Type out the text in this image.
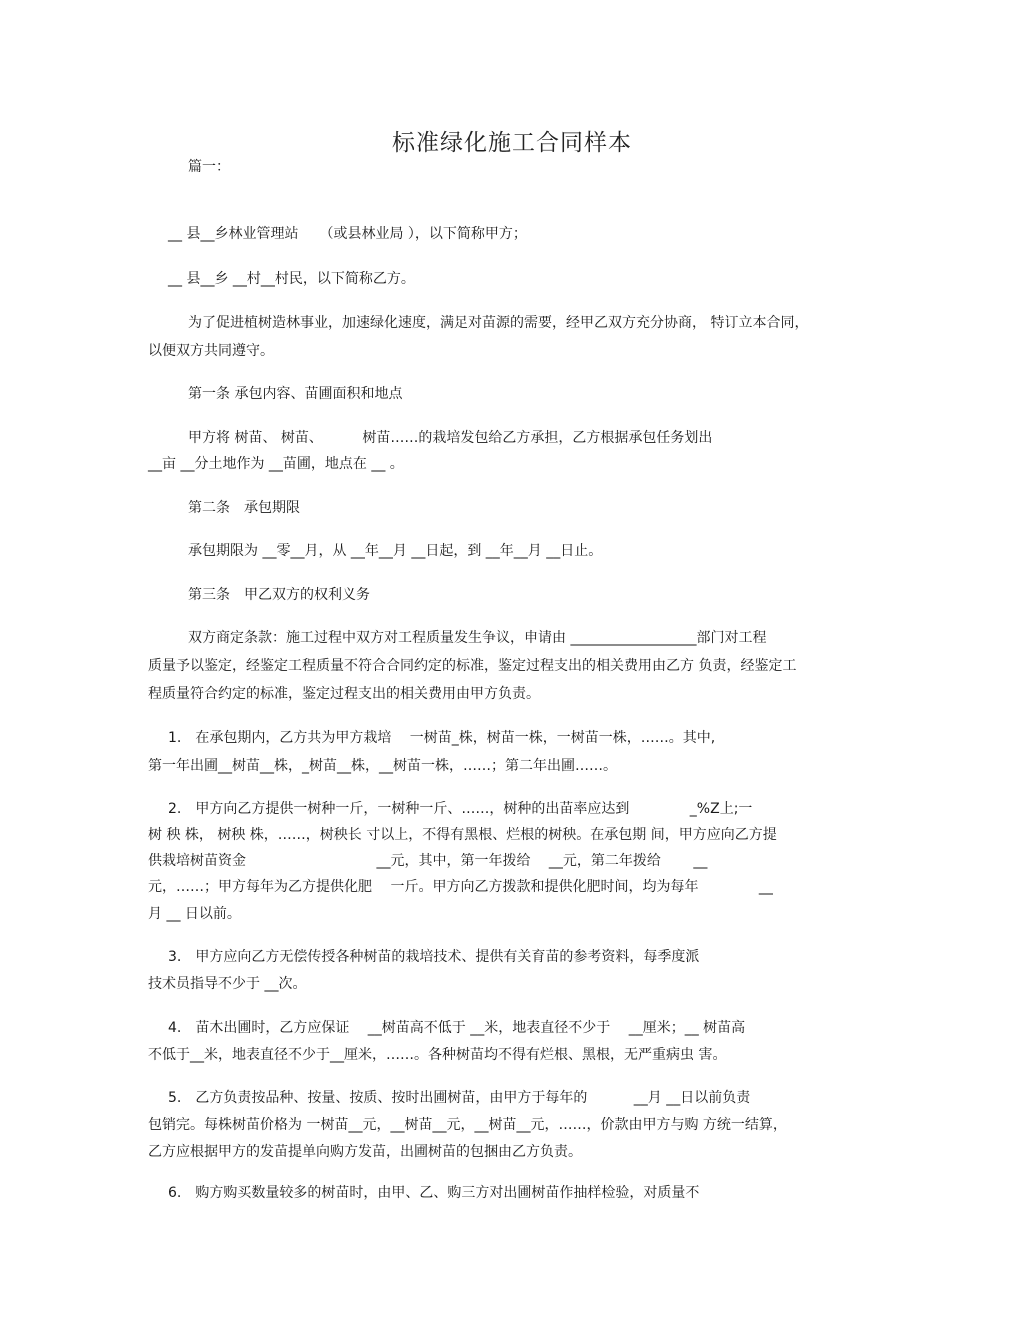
标准绿化施工合同样本
篇一：
__ 县__乡林业管理站　　（或县林业局 ），以下简称甲方；
__ 县__乡 __村__村民，以下简称乙方。
为了促进植树造林事业，加速绿化速度，满足对苗源的需要，经甲乙双方充分协商， 特订立本合同，
以便双方共同遵守。
第一条 承包内容、苗圃面积和地点
甲方将 树苗、 树苗、　　　 树苗……的栽培发包给乙方承担，乙方根据承包任务划出
__亩 __分土地作为 __苗圃，地点在 __ 。
第二条　承包期限
承包期限为 __零__月，从 __年__月 __日起，到 __年__月 __日止。
第三条　甲乙双方的权利义务
双方商定条款：施工过程中双方对工程质量发生争议，申请由 __________________部门对工程
质量予以鉴定，经鉴定工程质量不符合合同约定的标准，鉴定过程支出的相关费用由乙方 负责，经鉴定工
程质量符合约定的标准，鉴定过程支出的相关费用由甲方负责。
1.　在承包期内，乙方共为甲方栽培　 一树苗_株，树苗一株，一树苗一株，……。其中,
第一年出圃__树苗__株，_树苗__株，__树苗一株，……；第二年出圃……。
2.　甲方向乙方提供一树种一斤，一树种一斤、……，树种的出苗率应达到　　　　 _%Z上;一
树 秧 株， 树秧 株，……，树秧长 寸以上，不得有黑根、烂根的树秧。在承包期 间，甲方应向乙方提
供栽培树苗资金　　　　　　　　　 __元，其中，第一年拨给　 __元，第二年拨给　　 __
元，……；甲方每年为乙方提供化肥　 一斤。甲方向乙方拨款和提供化肥时间，均为每年　　　　 __
月 __ 日以前。
3.　甲方应向乙方无偿传授各种树苗的栽培技术、提供有关育苗的参考资料，每季度派
技术员指导不少于 __次。
4.　苗木出圃时，乙方应保证　 __树苗高不低于 __米，地表直径不少于　 __厘米；__ 树苗高
不低于__米，地表直径不少于__厘米，……。各种树苗均不得有烂根、黑根，无严重病虫 害。
5.　乙方负责按品种、按量、按质、按时出圃树苗，由甲方于每年的　　　 __月 __日以前负责
包销完。每株树苗价格为 一树苗__元，__树苗__元，__树苗__元，……，价款由甲方与购 方统一结算，
乙方应根据甲方的发苗提单向购方发苗，出圃树苗的包捆由乙方负责。
6.　购方购买数量较多的树苗时，由甲、乙、购三方对出圃树苗作抽样检验，对质量不
